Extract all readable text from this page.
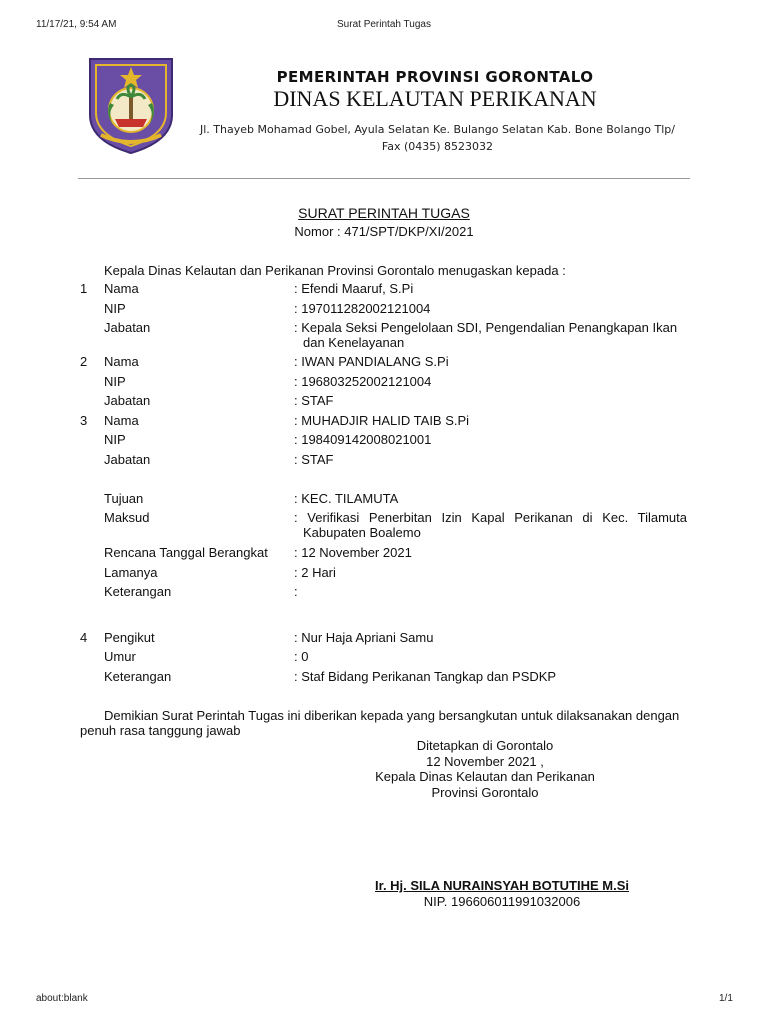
11/17/21, 9:54 AM	Surat Perintah Tugas
about:blank	1/1
PEMERINTAH PROVINSI GORONTALO
DINAS KELAUTAN PERIKANAN
Jl. Thayeb Mohamad Gobel, Ayula Selatan Ke. Bulango Selatan Kab. Bone Bolango Tlp/
Fax (0435) 8523032
SURAT PERINTAH TUGAS
Nomor : 471/SPT/DKP/XI/2021
Kepala Dinas Kelautan dan Perikanan Provinsi Gorontalo menugaskan kepada :
1 Nama	: Efendi Maaruf, S.Pi
NIP	: 197011282002121004
Jabatan	: Kepala Seksi Pengelolaan SDI, Pengendalian Penangkapan Ikan
dan Kenelayanan
2 Nama	: IWAN PANDIALANG S.Pi
NIP	: 196803252002121004
Jabatan	: STAF
3 Nama	: MUHADJIR HALID TAIB S.Pi
NIP	: 198409142008021001
Jabatan	: STAF
Tujuan	: KEC. TILAMUTA
Maksud	: Verifikasi Penerbitan Izin Kapal Perikanan di Kec. Tilamuta
Kabupaten Boalemo
Rencana Tanggal Berangkat : 12 November 2021
Lamanya	: 2 Hari
Keterangan	:
4 Pengikut	: Nur Haja Apriani Samu
Umur	: 0
Keterangan	: Staf Bidang Perikanan Tangkap dan PSDKP
Demikian Surat Perintah Tugas ini diberikan kepada yang bersangkutan untuk dilaksanakan dengan
penuh rasa tanggung jawab
Ditetapkan di Gorontalo
12 November 2021 ,
Kepala Dinas Kelautan dan Perikanan
Provinsi Gorontalo
Ir. Hj. SILA NURAINSYAH BOTUTIHE M.Si
NIP. 196606011991032006
